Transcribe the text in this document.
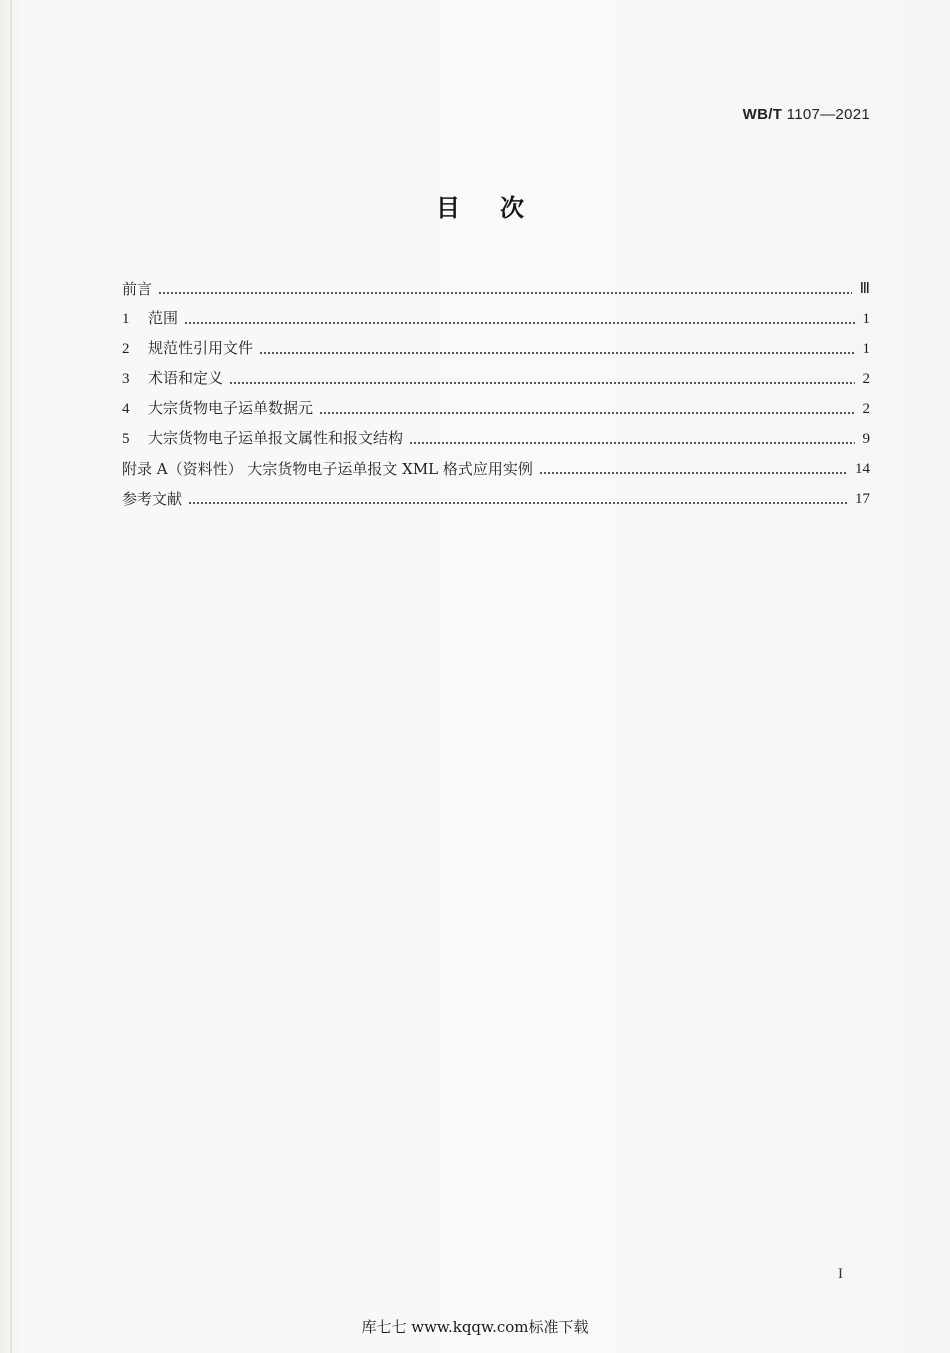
WB/T 1107—2021
目次
前言	Ⅲ
1 范围	1
2 规范性引用文件	1
3 术语和定义	2
4 大宗货物电子运单数据元	2
5 大宗货物电子运单报文属性和报文结构	9
附录 A（资料性） 大宗货物电子运单报文 XML 格式应用实例	14
参考文献	17
I
库七七 www.kqqw.com标准下载
